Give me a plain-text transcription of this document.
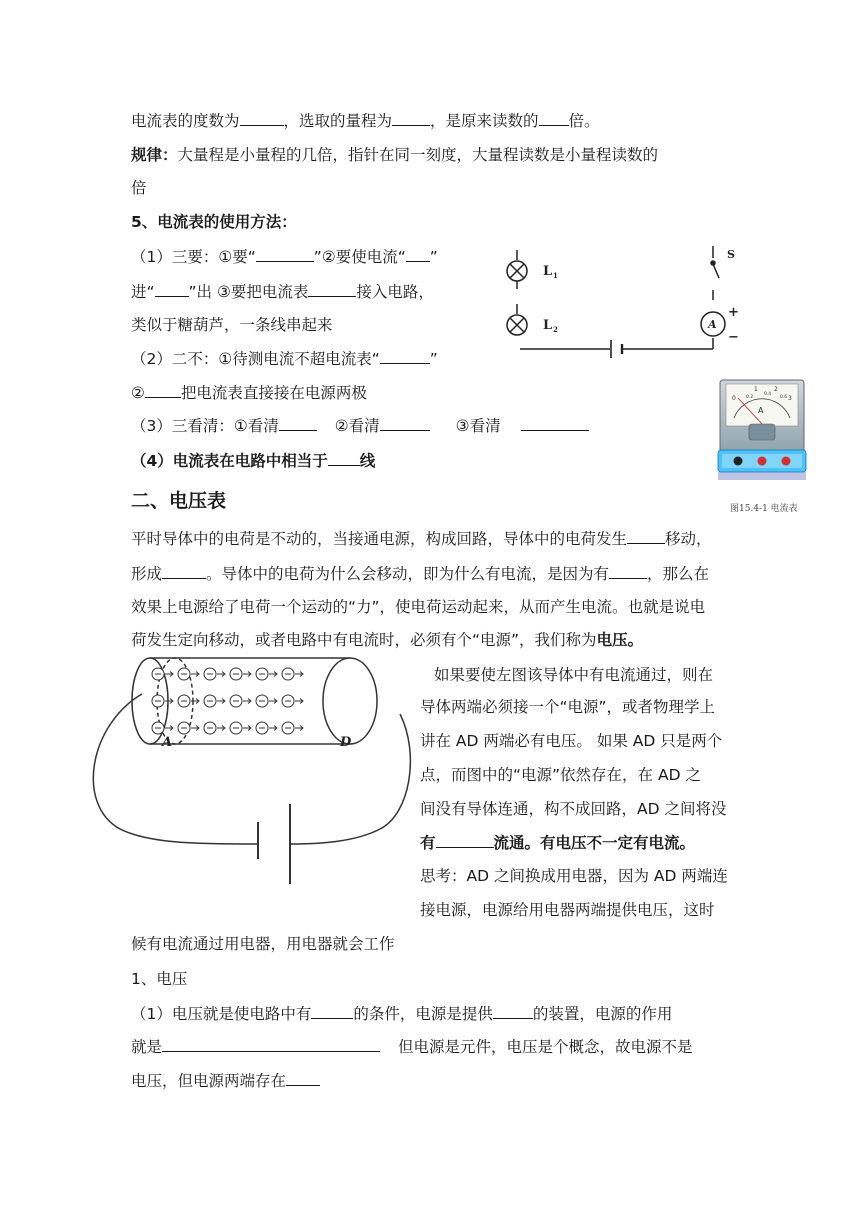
电流表的度数为	，选取的量程为 ，是原来读数的 倍。
规律：大量程是小量程的几倍，指针在同一刻度，大量程读数是小量程读数的
倍
5、电流表的使用方法：
（1）三要：①要“	”②要使电流“ ”
进“ ”出 ③要把电流表	接入电路，
类似于糖葫芦，一条线串起来
（2）二不：①待测电流不超电流表“	”
② 把电流表直接接在电源两极
（3）三看清：①看清	②看清	③看清
（4）电流表在电路中相当于 线
二、电压表
平时导体中的电荷是不动的，当接通电源，构成回路，导体中的电荷发生 移动，
形成	。导体中的电荷为什么会移动，即为什么有电流，是因为有 ，那么在
效果上电源给了电荷一个运动的“力”，使电荷运动起来，从而产生电流。也就是说电
荷发生定向移动，或者电路中有电流时，必须有个“电源”，我们称为电压。
如果要使左图该导体中有电流通过，则在
导体两端必须接一个“电源”，或者物理学上
讲在 AD 两端必有电压。 如果 AD 只是两个
点，而图中的“电源”依然存在，在 AD 之
间没有导体连通，构不成回路，AD 之间将没
有	流通。有电压不一定有电流。
思考：AD 之间换成用电器，因为 AD 两端连
接电源，电源给用电器两端提供电压，这时
候有电流通过用电器，用电器就会工作
1、电压
（1）电压就是使电路中有	的条件，电源是提供	的装置，电源的作用
就是	但电源是元件，电压是个概念，故电源不是
电压，但电源两端存在
L 1
L 2
S
A
+
−
0
1	2
3
0.2
0.4
0.6
A
图15.4-1 电流表
A	D
